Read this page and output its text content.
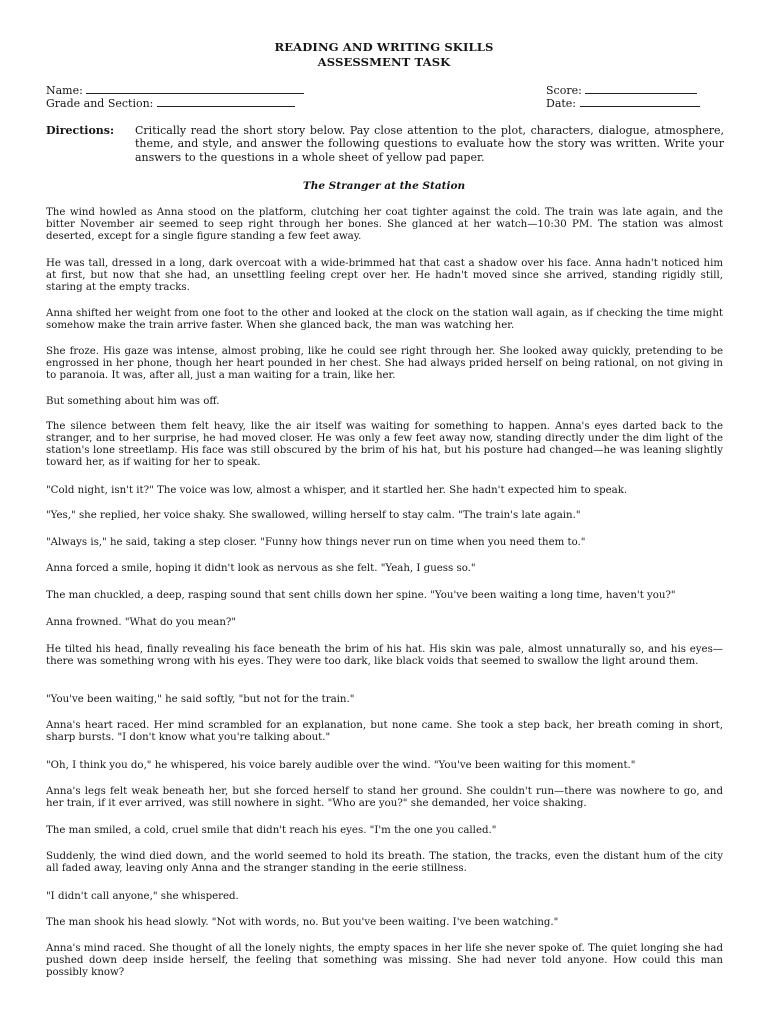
READING AND WRITING SKILLS
ASSESSMENT TASK
Name:	Score:
Grade and Section:	Date:
Directions: Critically read the short story below. Pay close attention to the plot, characters, dialogue, atmosphere, theme, and style, and answer the following questions to evaluate how the story was written. Write your answers to the questions in a whole sheet of yellow pad paper.
The Stranger at the Station

The wind howled as Anna stood on the platform, clutching her coat tighter against the cold. The train was late again, and the bitter November air seemed to seep right through her bones. She glanced at her watch—10:30 PM. The station was almost deserted, except for a single figure standing a few feet away.

He was tall, dressed in a long, dark overcoat with a wide-brimmed hat that cast a shadow over his face. Anna hadn't noticed him at first, but now that she had, an unsettling feeling crept over her. He hadn't moved since she arrived, standing rigidly still, staring at the empty tracks.

Anna shifted her weight from one foot to the other and looked at the clock on the station wall again, as if checking the time might somehow make the train arrive faster. When she glanced back, the man was watching her.

She froze. His gaze was intense, almost probing, like he could see right through her. She looked away quickly, pretending to be engrossed in her phone, though her heart pounded in her chest. She had always prided herself on being rational, on not giving in to paranoia. It was, after all, just a man waiting for a train, like her.

But something about him was off.

The silence between them felt heavy, like the air itself was waiting for something to happen. Anna's eyes darted back to the stranger, and to her surprise, he had moved closer. He was only a few feet away now, standing directly under the dim light of the station's lone streetlamp. His face was still obscured by the brim of his hat, but his posture had changed—he was leaning slightly toward her, as if waiting for her to speak.

"Cold night, isn't it?" The voice was low, almost a whisper, and it startled her. She hadn't expected him to speak.

"Yes," she replied, her voice shaky. She swallowed, willing herself to stay calm. "The train's late again."

"Always is," he said, taking a step closer. "Funny how things never run on time when you need them to."

Anna forced a smile, hoping it didn't look as nervous as she felt. "Yeah, I guess so."

The man chuckled, a deep, rasping sound that sent chills down her spine. "You've been waiting a long time, haven't you?"

Anna frowned. "What do you mean?"

He tilted his head, finally revealing his face beneath the brim of his hat. His skin was pale, almost unnaturally so, and his eyes—there was something wrong with his eyes. They were too dark, like black voids that seemed to swallow the light around them.

"You've been waiting," he said softly, "but not for the train."

Anna's heart raced. Her mind scrambled for an explanation, but none came. She took a step back, her breath coming in short, sharp bursts. "I don't know what you're talking about."

"Oh, I think you do," he whispered, his voice barely audible over the wind. "You've been waiting for this moment."

Anna's legs felt weak beneath her, but she forced herself to stand her ground. She couldn't run—there was nowhere to go, and her train, if it ever arrived, was still nowhere in sight. "Who are you?" she demanded, her voice shaking.

The man smiled, a cold, cruel smile that didn't reach his eyes. "I'm the one you called."

Suddenly, the wind died down, and the world seemed to hold its breath. The station, the tracks, even the distant hum of the city all faded away, leaving only Anna and the stranger standing in the eerie stillness.

"I didn't call anyone," she whispered.

The man shook his head slowly. "Not with words, no. But you've been waiting. I've been watching."

Anna's mind raced. She thought of all the lonely nights, the empty spaces in her life she never spoke of. The quiet longing she had pushed down deep inside herself, the feeling that something was missing. She had never told anyone. How could this man possibly know?
